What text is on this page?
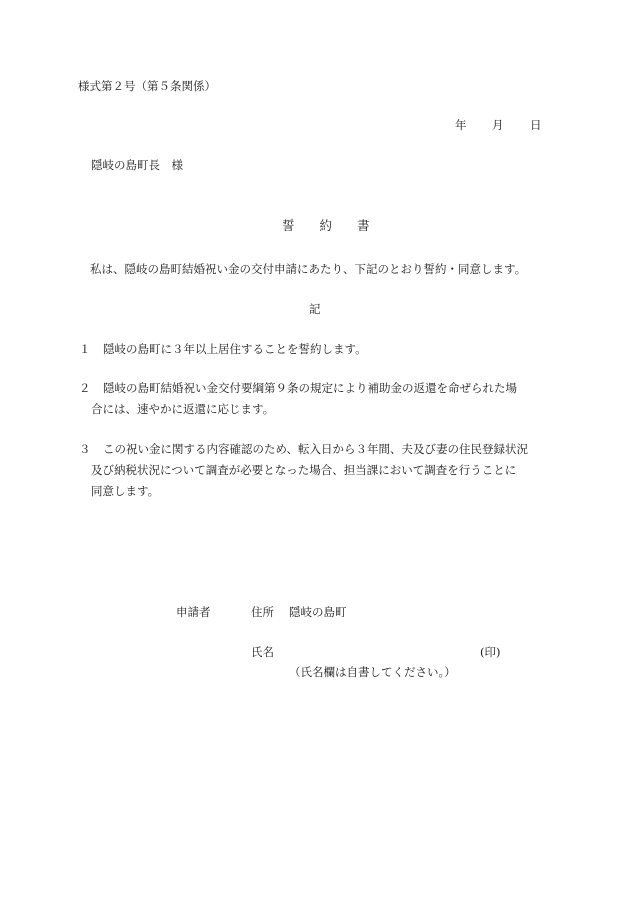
様式第２号（第５条関係）
年 月 日
隠岐の島町長　様
誓　約　書
私は、隠岐の島町結婚祝い金の交付申請にあたり、下記のとおり誓約・同意します。
記
１ 隠岐の島町に３年以上居住することを誓約します。
２ 隠岐の島町結婚祝い金交付要綱第９条の規定により補助金の返還を命ぜられた場
合には、速やかに返還に応じます。
３ この祝い金に関する内容確認のため、転入日から３年間、夫及び妻の住民登録状況
及び納税状況について調査が必要となった場合、担当課において調査を行うことに
同意します。
申請者	住所 隠岐の島町
氏名	(印)
（氏名欄は自書してください。）
